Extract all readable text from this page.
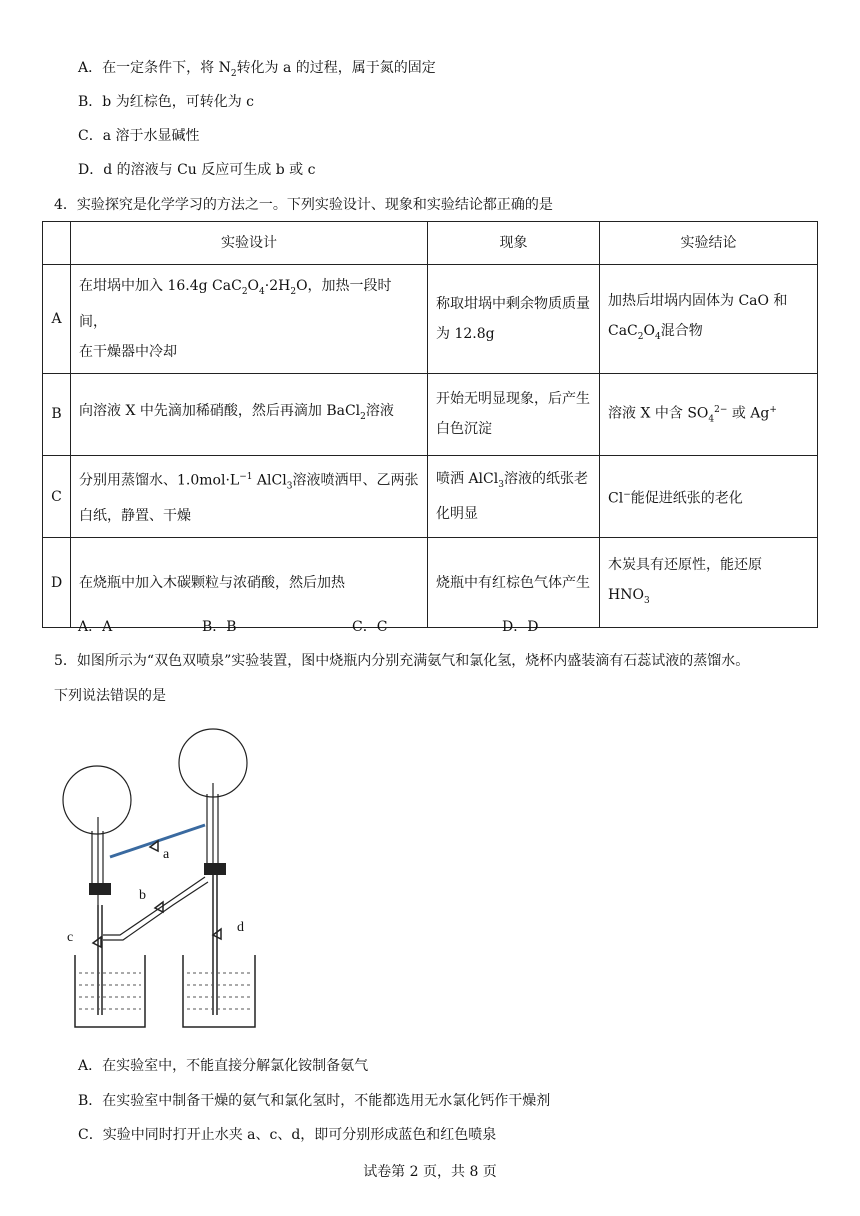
A．在一定条件下，将 $N_2$转化为 a 的过程，属于氮的固定
B．b 为红棕色，可转化为 c
C．a 溶于水显碱性
D．d 的溶液与 Cu 反应可生成 b 或 c
4．实验探究是化学学习的方法之一。下列实验设计、现象和实验结论都正确的是
	实验设计	现象	实验结论
A	在坩埚中加入 16.4g $CaC_2O_4\cdot 2H_2O$，加热一段时间，
在干燥器中冷却	称取坩埚中剩余物质质量为 12.8g	加热后坩埚内固体为 CaO 和
$CaC_2O_4$混合物
B	向溶液 X 中先滴加稀硝酸，然后再滴加 BaCl$_2$溶液	开始无明显现象，后产生白色沉淀	溶液 X 中含 $SO_4^{2-}$ 或 Ag+
C	分别用蒸馏水、$1.0mol\cdot L^{-1}$ AlCl$_3$溶液喷洒甲、乙两张白纸，静置、干燥	喷洒 AlCl$_3$溶液的纸张老化明显	Cl−能促进纸张的老化
D	在烧瓶中加入木碳颗粒与浓硝酸，然后加热	烧瓶中有红棕色气体产生	木炭具有还原性，能还原
$HNO_3$
A．A	B．B	C．C	D．D
5．如图所示为“双色双喷泉”实验装置，图中烧瓶内分别充满氨气和氯化氢，烧杯内盛装滴有石蕊试液的蒸馏水。
下列说法错误的是
a
b
c
d
A．在实验室中，不能直接分解氯化铵制备氨气
B．在实验室中制备干燥的氨气和氯化氢时，不能都选用无水氯化钙作干燥剂
C．实验中同时打开止水夹 a、c、d，即可分别形成蓝色和红色喷泉
试卷第 2 页，共 8 页
